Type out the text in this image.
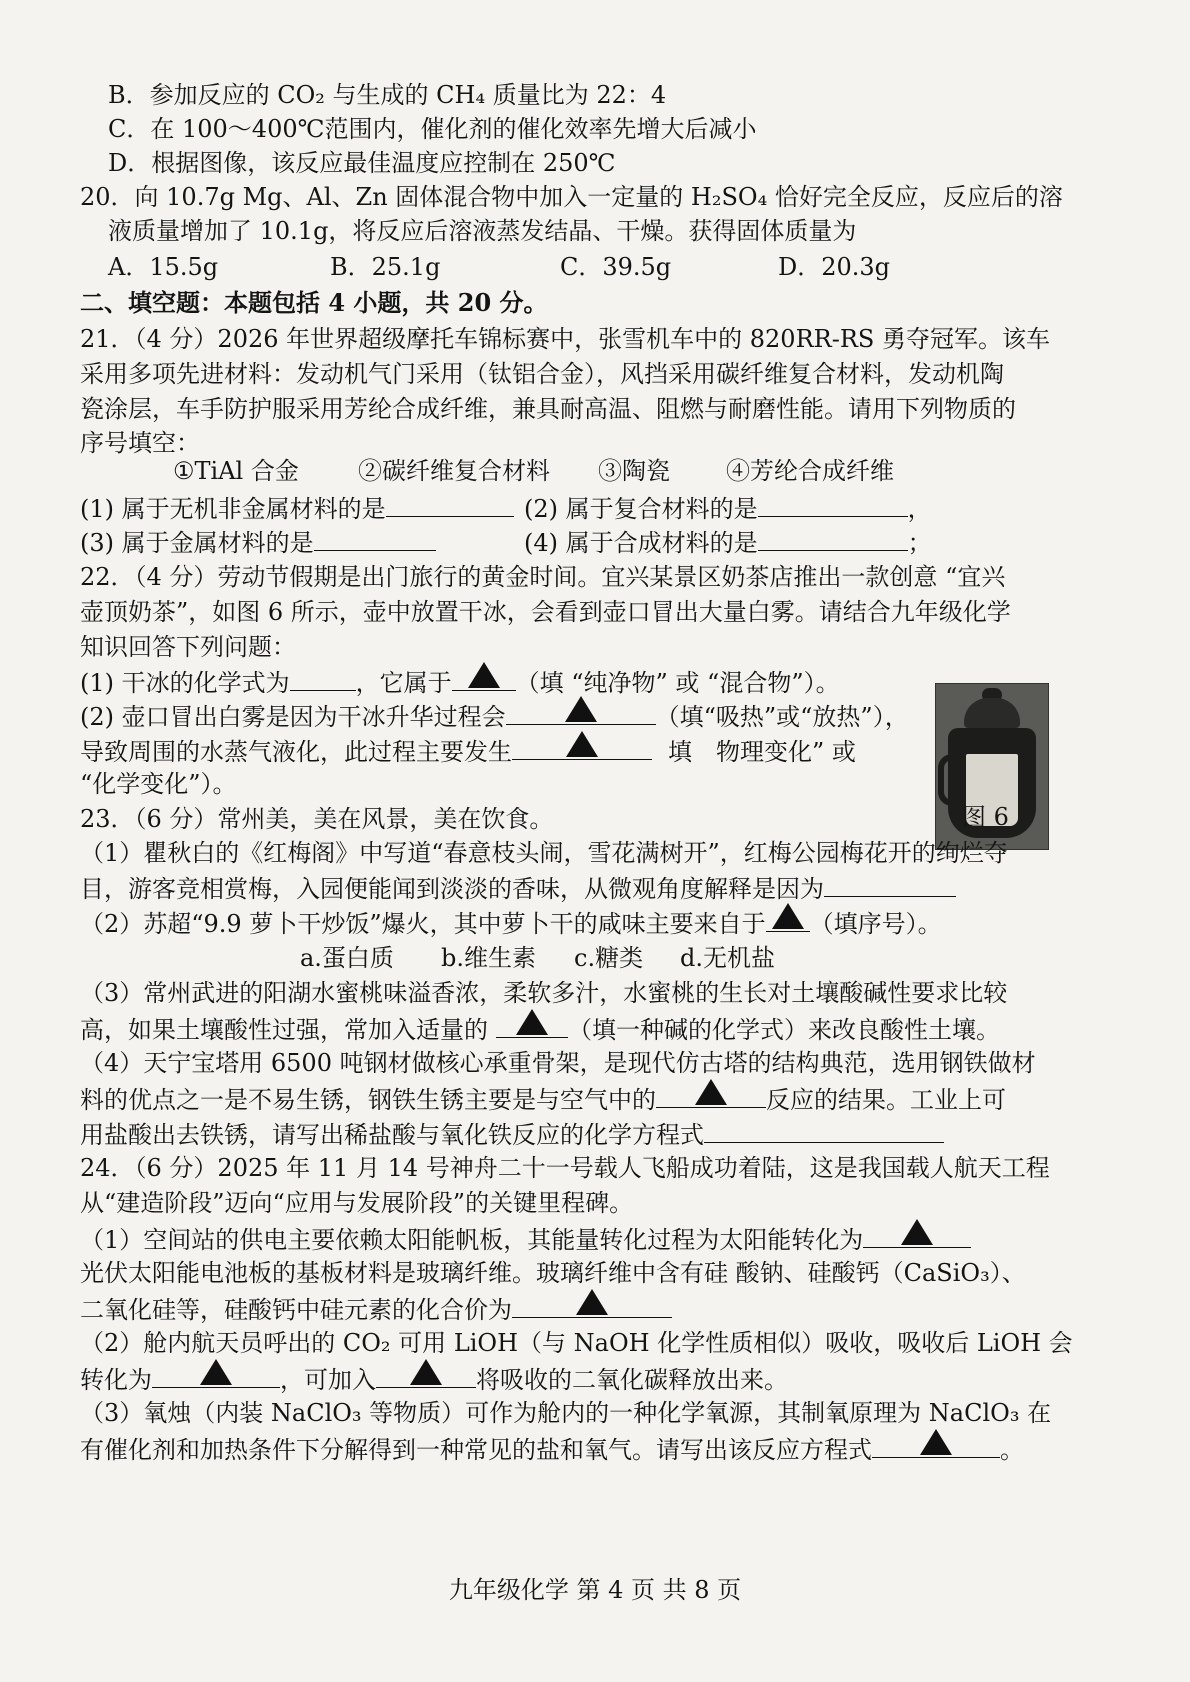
B．参加反应的 CO₂ 与生成的 CH₄ 质量比为 22：4
C．在 100～400℃范围内，催化剂的催化效率先增大后减小
D．根据图像，该反应最佳温度应控制在 250℃
20．向 10.7g Mg、Al、Zn 固体混合物中加入一定量的 H₂SO₄ 恰好完全反应，反应后的溶
液质量增加了 10.1g，将反应后溶液蒸发结晶、干燥。获得固体质量为
A．15.5g	B．25.1g	C．39.5g	D．20.3g
二、填空题：本题包括 4 小题，共 20 分。
21．（4 分）2026 年世界超级摩托车锦标赛中，张雪机车中的 820RR-RS 勇夺冠军。该车
采用多项先进材料：发动机气门采用（钛铝合金），风挡采用碳纤维复合材料，发动机陶
瓷涂层，车手防护服采用芳纶合成纤维，兼具耐高温、阻燃与耐磨性能。请用下列物质的
序号填空：
①TiAl 合金 ②碳纤维复合材料 ③陶瓷 ④芳纶合成纤维
(1) 属于无机非金属材料的是	(2) 属于复合材料的是	，
(3) 属于金属材料的是	(4) 属于合成材料的是	；
22．（4 分）劳动节假期是出门旅行的黄金时间。宜兴某景区奶茶店推出一款创意 “宜兴
壶顶奶茶”，如图 6 所示，壶中放置干冰，会看到壶口冒出大量白雾。请结合九年级化学
知识回答下列问题：
(1) 干冰的化学式为	，它属于	（填 “纯净物” 或 “混合物”）。
(2) 壶口冒出白雾是因为干冰升华过程会	（填“吸热”或“放热”），
导致周围的水蒸气液化，此过程主要发生	填　物理变化” 或
“化学变化”）。
图 6
23．（6 分）常州美，美在风景，美在饮食。
（1）瞿秋白的《红梅阁》中写道“春意枝头闹，雪花满树开”，红梅公园梅花开的绚烂夺
目，游客竞相赏梅，入园便能闻到淡淡的香味，从微观角度解释是因为
（2）苏超“9.9 萝卜干炒饭”爆火，其中萝卜干的咸味主要来自于 （填序号）。
a.蛋白质 b.维生素 c.糖类 d.无机盐
（3）常州武进的阳湖水蜜桃味溢香浓，柔软多汁，水蜜桃的生长对土壤酸碱性要求比较
高，如果土壤酸性过强，常加入适量的	（填一种碱的化学式）来改良酸性土壤。
（4）天宁宝塔用 6500 吨钢材做核心承重骨架，是现代仿古塔的结构典范，选用钢铁做材
料的优点之一是不易生锈，钢铁生锈主要是与空气中的	反应的结果。工业上可
用盐酸出去铁锈，请写出稀盐酸与氧化铁反应的化学方程式
24．（6 分）2025 年 11 月 14 号神舟二十一号载人飞船成功着陆，这是我国载人航天工程
从“建造阶段”迈向“应用与发展阶段”的关键里程碑。
（1）空间站的供电主要依赖太阳能帆板，其能量转化过程为太阳能转化为
光伏太阳能电池板的基板材料是玻璃纤维。玻璃纤维中含有硅 酸钠、硅酸钙（CaSiO₃）、
二氧化硅等，硅酸钙中硅元素的化合价为
（2）舱内航天员呼出的 CO₂ 可用 LiOH（与 NaOH 化学性质相似）吸收，吸收后 LiOH 会
转化为	，可加入	将吸收的二氧化碳释放出来。
（3）氧烛（内装 NaClO₃ 等物质）可作为舱内的一种化学氧源，其制氧原理为 NaClO₃ 在
有催化剂和加热条件下分解得到一种常见的盐和氧气。请写出该反应方程式	。
九年级化学 第 4 页 共 8 页
